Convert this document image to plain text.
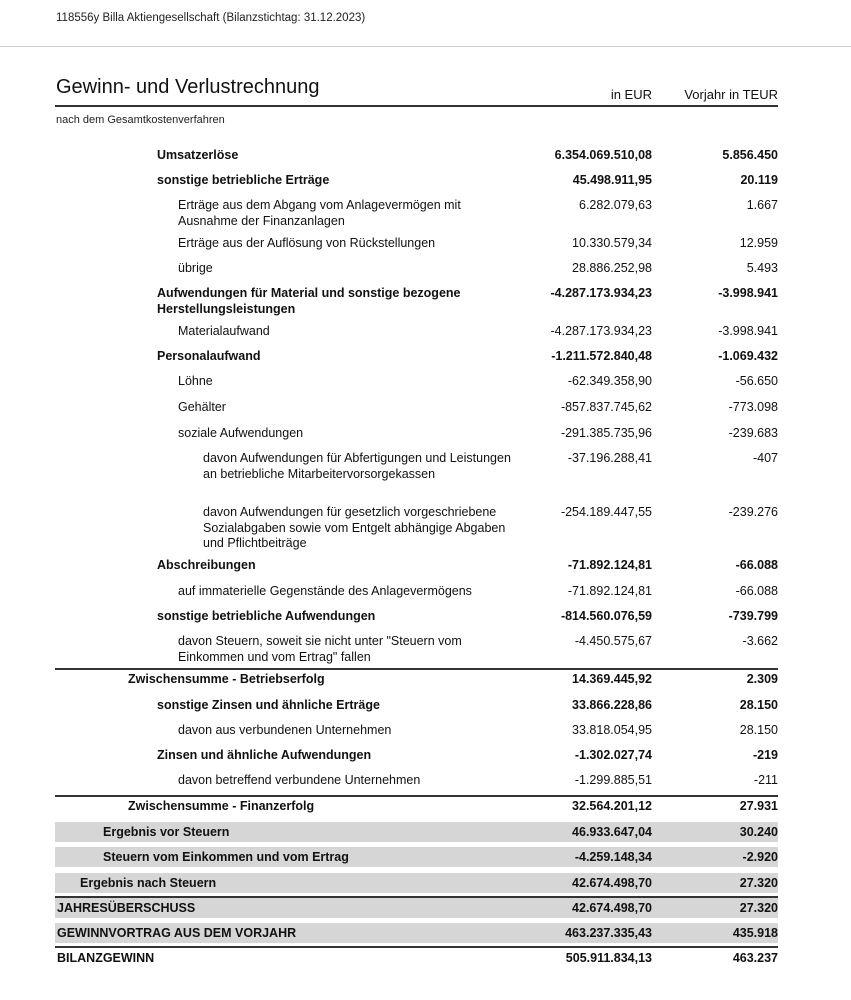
118556y Billa Aktiengesellschaft (Bilanzstichtag: 31.12.2023)
Gewinn- und Verlustrechnung	in EUR	Vorjahr in TEUR
nach dem Gesamtkostenverfahren
Umsatzerlöse	6.354.069.510,08	5.856.450
sonstige betriebliche Erträge	45.498.911,95	20.119
Erträge aus dem Abgang vom Anlagevermögen mit Ausnahme der Finanzanlagen
6.282.079,63	1.667
Erträge aus der Auflösung von Rückstellungen	10.330.579,34	12.959
übrige	28.886.252,98	5.493
Aufwendungen für Material und sonstige bezogene Herstellungsleistungen
-4.287.173.934,23	-3.998.941
Materialaufwand	-4.287.173.934,23	-3.998.941
Personalaufwand	-1.211.572.840,48	-1.069.432
Löhne	-62.349.358,90	-56.650
Gehälter	-857.837.745,62	-773.098
soziale Aufwendungen	-291.385.735,96	-239.683
davon Aufwendungen für Abfertigungen und Leistungen an betriebliche Mitarbeitervorsorgekassen
-37.196.288,41	-407
davon Aufwendungen für gesetzlich vorgeschriebene Sozialabgaben sowie vom Entgelt abhängige Abgaben und Pflichtbeiträge
-254.189.447,55	-239.276
Abschreibungen	-71.892.124,81	-66.088
auf immaterielle Gegenstände des Anlagevermögens	-71.892.124,81	-66.088
sonstige betriebliche Aufwendungen	-814.560.076,59	-739.799
davon Steuern, soweit sie nicht unter "Steuern vom Einkommen und vom Ertrag" fallen
-4.450.575,67	-3.662
Zwischensumme - Betriebserfolg	14.369.445,92	2.309
sonstige Zinsen und ähnliche Erträge	33.866.228,86	28.150
davon aus verbundenen Unternehmen	33.818.054,95	28.150
Zinsen und ähnliche Aufwendungen	-1.302.027,74	-219
davon betreffend verbundene Unternehmen	-1.299.885,51	-211
Zwischensumme - Finanzerfolg	32.564.201,12	27.931
Ergebnis vor Steuern	46.933.647,04	30.240
Steuern vom Einkommen und vom Ertrag	-4.259.148,34	-2.920
Ergebnis nach Steuern	42.674.498,70	27.320
JAHRESÜBERSCHUSS	42.674.498,70	27.320
GEWINNVORTRAG AUS DEM VORJAHR	463.237.335,43	435.918
BILANZGEWINN	505.911.834,13	463.237
